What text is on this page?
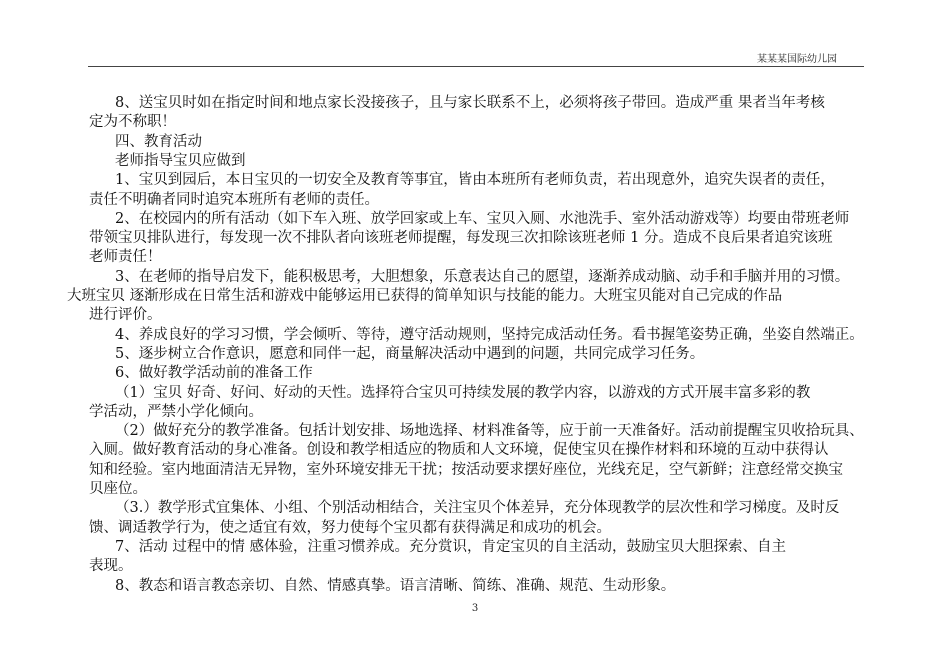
某某某国际幼儿园
8、送宝贝时如在指定时间和地点家长没接孩子，且与家长联系不上，必须将孩子带回。造成严重 果者当年考核
定为不称职！
四、教育活动
老师指导宝贝应做到
1、宝贝到园后，本日宝贝的一切安全及教育等事宜，皆由本班所有老师负责，若出现意外，追究失误者的责任，
责任不明确者同时追究本班所有老师的责任。
2、在校园内的所有活动（如下车入班、放学回家或上车、宝贝入厕、水池洗手、室外活动游戏等）均要由带班老师
带领宝贝排队进行，每发现一次不排队者向该班老师提醒，每发现三次扣除该班老师 1 分。造成不良后果者追究该班
老师责任！
3、在老师的指导启发下，能积极思考，大胆想象，乐意表达自己的愿望，逐渐养成动脑、动手和手脑并用的习惯。
大班宝贝 逐渐形成在日常生活和游戏中能够运用已获得的简单知识与技能的能力。大班宝贝能对自己完成的作品
进行评价。
4、养成良好的学习习惯，学会倾听、等待，遵守活动规则，坚持完成活动任务。看书握笔姿势正确，坐姿自然端正。
5、逐步树立合作意识，愿意和同伴一起，商量解决活动中遇到的问题，共同完成学习任务。
6、做好教学活动前的准备工作
（1）宝贝 好奇、好问、好动的天性。选择符合宝贝可持续发展的教学内容，以游戏的方式开展丰富多彩的教
学活动，严禁小学化倾向。
（2）做好充分的教学准备。包括计划安排、场地选择、材料准备等，应于前一天准备好。活动前提醒宝贝收拾玩具、
入厕。做好教育活动的身心准备。创设和教学相适应的物质和人文环境，促使宝贝在操作材料和环境的互动中获得认
知和经验。室内地面清洁无异物，室外环境安排无干扰；按活动要求摆好座位，光线充足，空气新鲜；注意经常交换宝
贝座位。
（3.）教学形式宜集体、小组、个别活动相结合，关注宝贝个体差异，充分体现教学的层次性和学习梯度。及时反
馈、调适教学行为，使之适宜有效，努力使每个宝贝都有获得满足和成功的机会。
7、活动 过程中的情 感体验，注重习惯养成。充分赏识，肯定宝贝的自主活动，鼓励宝贝大胆探索、自主
表现。
8、教态和语言教态亲切、自然、情感真挚。语言清晰、简练、准确、规范、生动形象。
3
